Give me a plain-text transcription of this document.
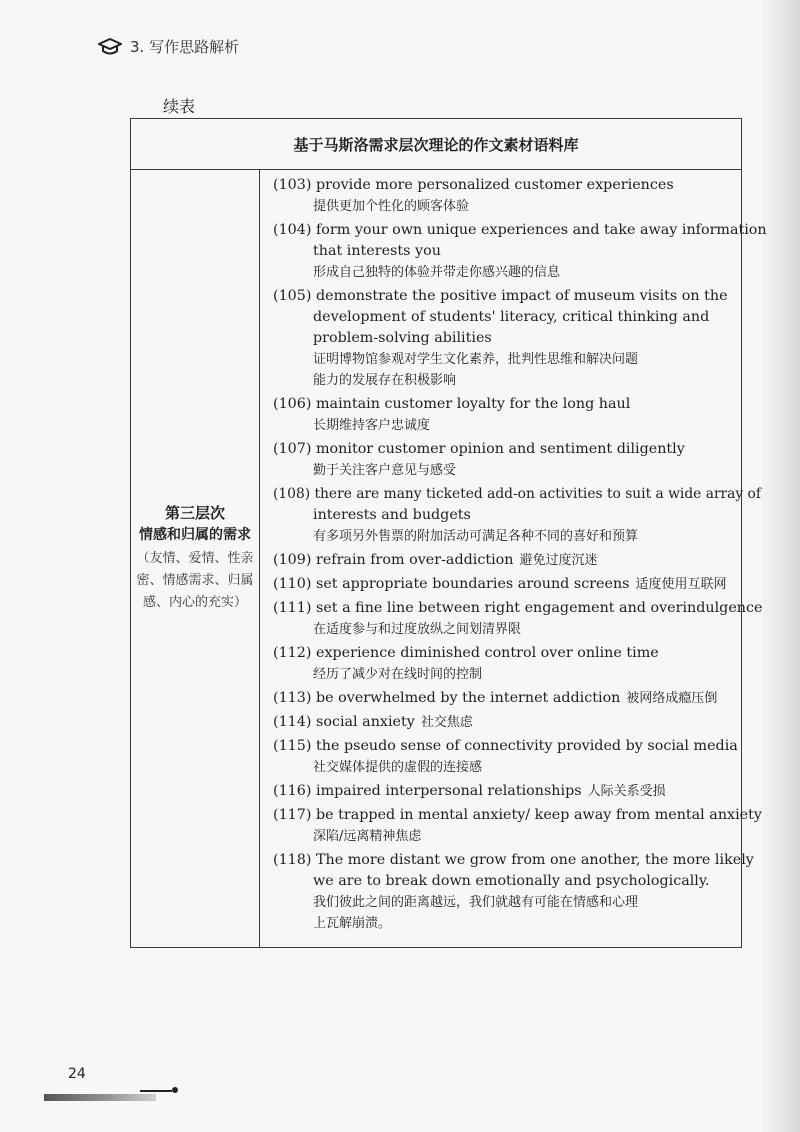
3. 写作思路解析
续表
基于马斯洛需求层次理论的作文素材语料库
第三层次
情感和归属的需求
（友情、爱情、性亲密、情感需求、归属感、内心的充实）
(103) provide more personalized customer experiences
提供更加个性化的顾客体验
(104) form your own unique experiences and take away information
that interests you
形成自己独特的体验并带走你感兴趣的信息
(105) demonstrate the positive impact of museum visits on the
development of students' literacy, critical thinking and
problem-solving abilities
证明博物馆参观对学生文化素养，批判性思维和解决问题
能力的发展存在积极影响
(106) maintain customer loyalty for the long haul
长期维持客户忠诚度
(107) monitor customer opinion and sentiment diligently
勤于关注客户意见与感受
(108) there are many ticketed add-on activities to suit a wide array of
interests and budgets
有多项另外售票的附加活动可满足各种不同的喜好和预算
(109) refrain from over-addiction 避免过度沉迷
(110) set appropriate boundaries around screens 适度使用互联网
(111) set a fine line between right engagement and overindulgence
在适度参与和过度放纵之间划清界限
(112) experience diminished control over online time
经历了减少对在线时间的控制
(113) be overwhelmed by the internet addiction 被网络成瘾压倒
(114) social anxiety 社交焦虑
(115) the pseudo sense of connectivity provided by social media
社交媒体提供的虚假的连接感
(116) impaired interpersonal relationships 人际关系受损
(117) be trapped in mental anxiety/ keep away from mental anxiety
深陷/远离精神焦虑
(118) The more distant we grow from one another, the more likely
we are to break down emotionally and psychologically.
我们彼此之间的距离越远，我们就越有可能在情感和心理
上瓦解崩溃。
24
